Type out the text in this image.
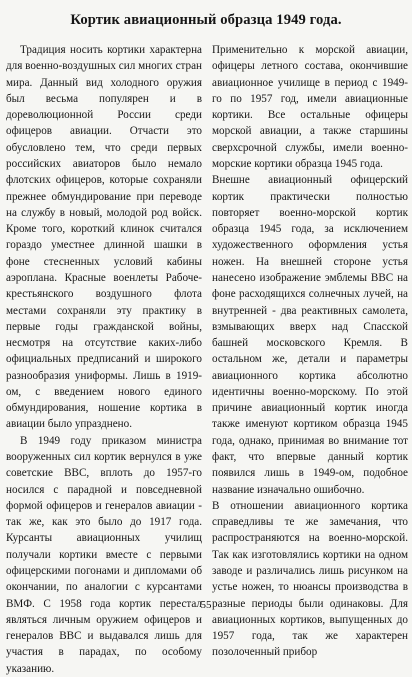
Кортик авиационный образца 1949 года.

Традиция носить кортики характерна для военно-воздушных сил многих стран мира. Данный вид холодного оружия был весьма популярен и в дореволюционной России среди офицеров авиации. Отчасти это обусловлено тем, что среди первых российских авиаторов было немало флотских офицеров, которые сохраняли прежнее обмундирование при переводе на службу в новый, молодой род войск. Кроме того, короткий клинок считался гораздо уместнее длинной шашки в фоне стесненных условий кабины аэроплана. Красные военлеты Рабоче-крестьянского воздушного флота местами сохраняли эту практику в первые годы гражданской войны, несмотря на отсутствие каких-либо официальных предписаний и широкого разнообразия униформы. Лишь в 1919-ом, с введением нового единого обмундирования, ношение кортика в авиации было упразднено.

В 1949 году приказом министра вооруженных сил кортик вернулся в уже советские ВВС, вплоть до 1957-го носился с парадной и повседневной формой офицеров и генералов авиации - так же, как это было до 1917 года. Курсанты авиационных училищ получали кортики вместе с первыми офицерскими погонами и дипломами об окончании, по аналогии с курсантами ВМФ. С 1958 года кортик перестал являться личным оружием офицеров и генералов ВВС и выдавался лишь для участия в парадах, по особому указанию.

Применительно к морской авиации, офицеры летного состава, окончившие авиационное училище в период с 1949-го по 1957 год, имели авиационные кортики. Все остальные офицеры морской авиации, а также старшины сверхсрочной службы, имели военно-морские кортики образца 1945 года.

Внешне авиационный офицерский кортик практически полностью повторяет военно-морской кортик образца 1945 года, за исключением художественного оформления устья ножен. На внешней стороне устья нанесено изображение эмблемы ВВС на фоне расходящихся солнечных лучей, на внутренней - два реактивных самолета, взмывающих вверх над Спасской башней московского Кремля. В остальном же, детали и параметры авиационного кортика абсолютно идентичны военно-морскому. По этой причине авиационный кортик иногда также именуют кортиком образца 1945 года, однако, принимая во внимание тот факт, что впервые данный кортик появился лишь в 1949-ом, подобное название изначально ошибочно.

В отношении авиационного кортика справедливы те же замечания, что распространяются на военно-морской. Так как изготовлялись кортики на одном заводе и различались лишь рисунком на устье ножен, то нюансы производства в разные периоды были одинаковы. Для авиационных кортиков, выпущенных до 1957 года, так же характерен позолоченный прибор

55
